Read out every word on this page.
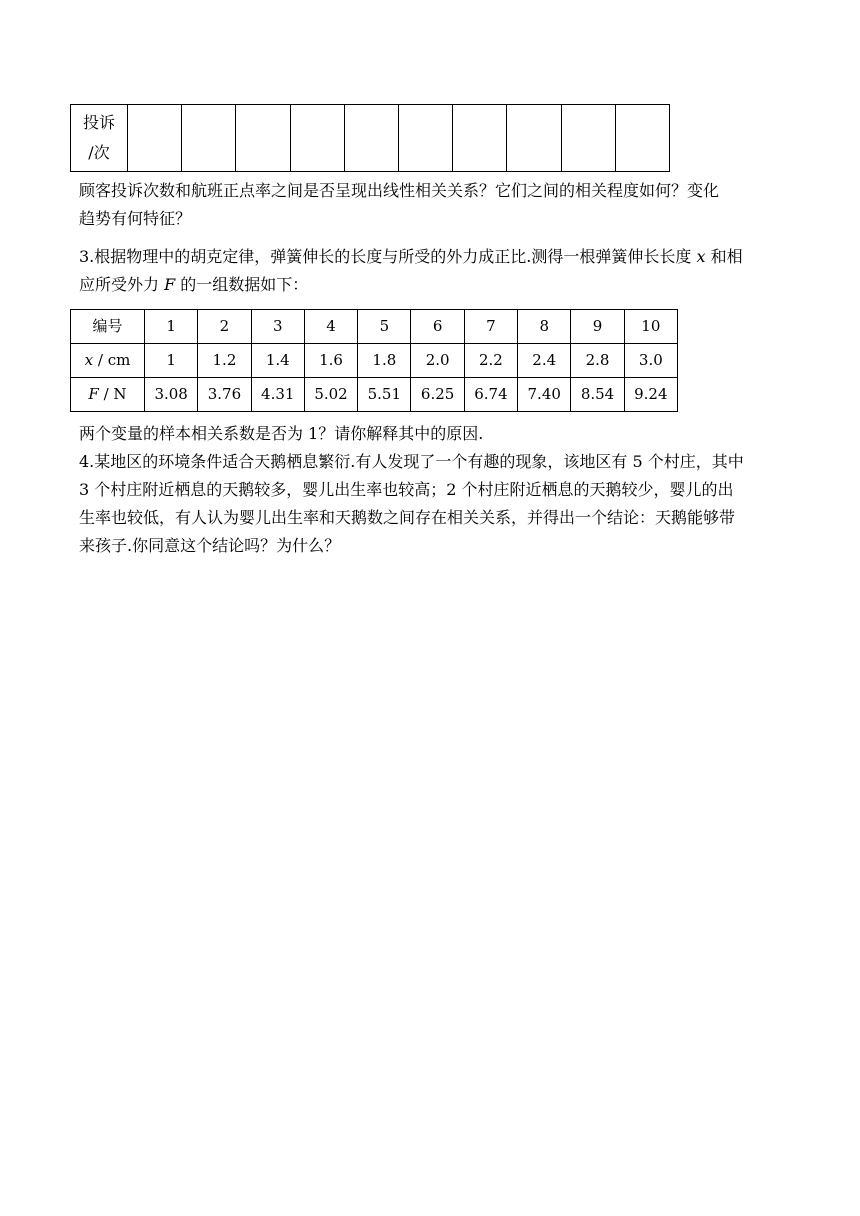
投诉
/次										

顾客投诉次数和航班正点率之间是否呈现出线性相关关系？它们之间的相关程度如何？变化
趋势有何特征？

3.根据物理中的胡克定律，弹簧伸长的长度与所受的外力成正比.测得一根弹簧伸长长度 x 和相
应所受外力 F 的一组数据如下：

编号	1	2	3	4	5	6	7	8	9	10
x / cm	1	1.2	1.4	1.6	1.8	2.0	2.2	2.4	2.8	3.0
F / N	3.08	3.76	4.31	5.02	5.51	6.25	6.74	7.40	8.54	9.24

两个变量的样本相关系数是否为 1？请你解释其中的原因.

4.某地区的环境条件适合天鹅栖息繁衍.有人发现了一个有趣的现象，该地区有 5 个村庄，其中
3 个村庄附近栖息的天鹅较多，婴儿出生率也较高；2 个村庄附近栖息的天鹅较少，婴儿的出
生率也较低，有人认为婴儿出生率和天鹅数之间存在相关关系，并得出一个结论：天鹅能够带
来孩子.你同意这个结论吗？为什么？
